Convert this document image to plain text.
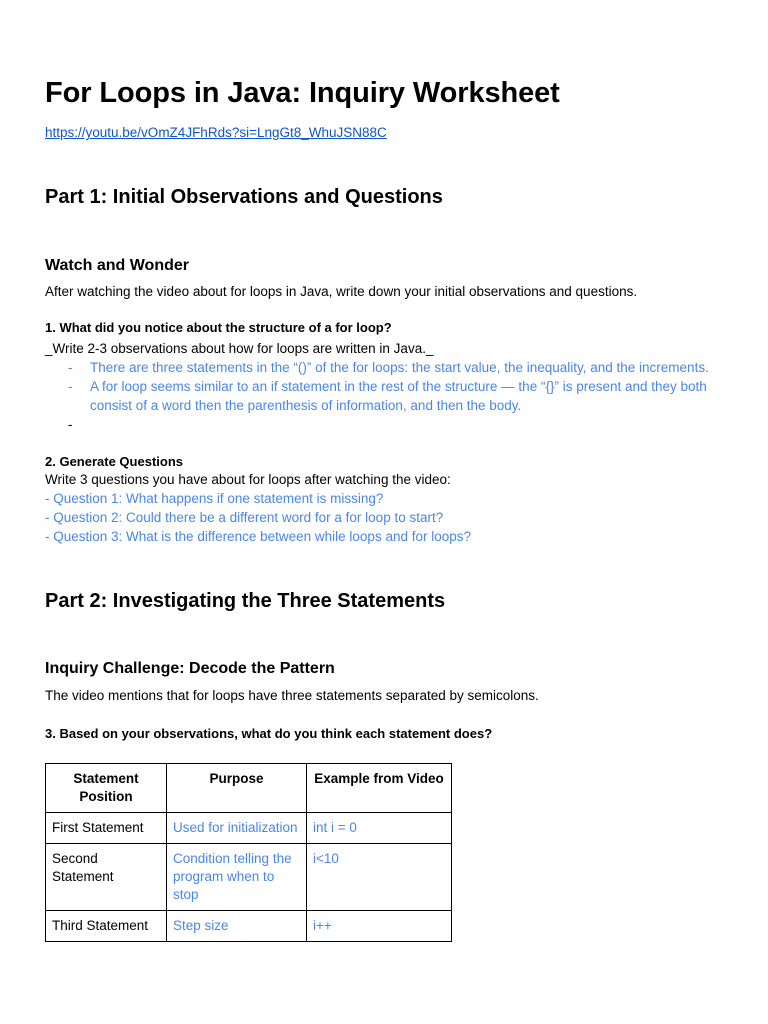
For Loops in Java: Inquiry Worksheet
https://youtu.be/vOmZ4JFhRds?si=LngGt8_WhuJSN88C
Part 1: Initial Observations and Questions
Watch and Wonder
After watching the video about for loops in Java, write down your initial observations and questions.
1. What did you notice about the structure of a for loop?
_Write 2-3 observations about how for loops are written in Java._
- There are three statements in the “()” of the for loops: the start value, the inequality, and the increments.
- A for loop seems similar to an if statement in the rest of the structure — the “{}” is present and they both consist of a word then the parenthesis of information, and then the body.
-
2. Generate Questions
Write 3 questions you have about for loops after watching the video:
- Question 1: What happens if one statement is missing?
- Question 2: Could there be a different word for a for loop to start?
- Question 3: What is the difference between while loops and for loops?
Part 2: Investigating the Three Statements
Inquiry Challenge: Decode the Pattern
The video mentions that for loops have three statements separated by semicolons.
3. Based on your observations, what do you think each statement does?
Statement Position	Purpose	Example from Video
First Statement	Used for initialization	int i = 0
Second Statement	Condition telling the program when to stop	i<10
Third Statement	Step size	i++
